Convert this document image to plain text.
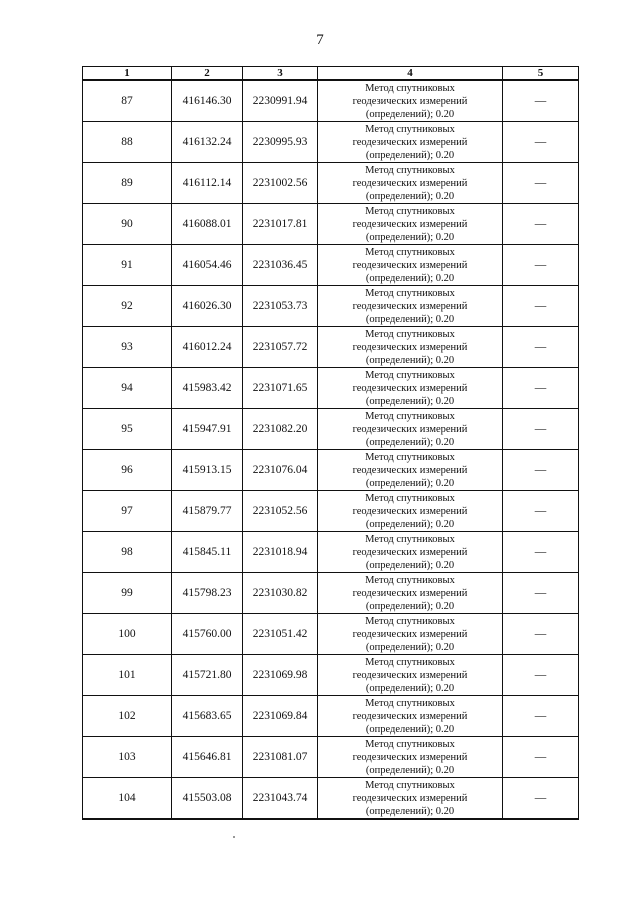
7
1	2	3	4	5
87	416146.30	2230991.94	Метод спутниковых
геодезических измерений
(определений); 0.20	—
88	416132.24	2230995.93	Метод спутниковых
геодезических измерений
(определений); 0.20	—
89	416112.14	2231002.56	Метод спутниковых
геодезических измерений
(определений); 0.20	—
90	416088.01	2231017.81	Метод спутниковых
геодезических измерений
(определений); 0.20	—
91	416054.46	2231036.45	Метод спутниковых
геодезических измерений
(определений); 0.20	—
92	416026.30	2231053.73	Метод спутниковых
геодезических измерений
(определений); 0.20	—
93	416012.24	2231057.72	Метод спутниковых
геодезических измерений
(определений); 0.20	—
94	415983.42	2231071.65	Метод спутниковых
геодезических измерений
(определений); 0.20	—
95	415947.91	2231082.20	Метод спутниковых
геодезических измерений
(определений); 0.20	—
96	415913.15	2231076.04	Метод спутниковых
геодезических измерений
(определений); 0.20	—
97	415879.77	2231052.56	Метод спутниковых
геодезических измерений
(определений); 0.20	—
98	415845.11	2231018.94	Метод спутниковых
геодезических измерений
(определений); 0.20	—
99	415798.23	2231030.82	Метод спутниковых
геодезических измерений
(определений); 0.20	—
100	415760.00	2231051.42	Метод спутниковых
геодезических измерений
(определений); 0.20	—
101	415721.80	2231069.98	Метод спутниковых
геодезических измерений
(определений); 0.20	—
102	415683.65	2231069.84	Метод спутниковых
геодезических измерений
(определений); 0.20	—
103	415646.81	2231081.07	Метод спутниковых
геодезических измерений
(определений); 0.20	—
104	415503.08	2231043.74	Метод спутниковых
геодезических измерений
(определений); 0.20	—
